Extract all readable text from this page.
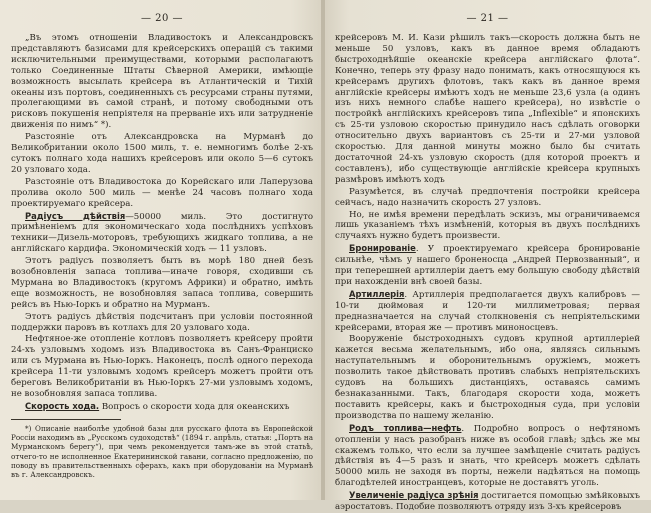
— 20 —

„Въ этомъ отношеніи Владивостокъ и Александровскъ представляютъ базисами для крейсерскихъ операцій съ такими исключительными преимуществами, которыми располагаютъ только Соединенные Штаты Сѣверной Америки, имѣющіе возможность высылать крейсера въ Атлантическій и Тихій океаны изъ портовъ, соединенныхъ съ ресурсами страны путями, пролегающими въ самой странѣ, и потому свободными отъ рисковъ покушенія непріятеля на прерваніе ихъ или затрудненіе движенія по нимъ“ *).

Разстояніе отъ Александровска на Мурманѣ до Великобритании около 1500 миль, т. е. немногимъ болѣе 2-хъ сутокъ полнаго хода нашихъ крейсеровъ или около 5—6 сутокъ 20 узловаго хода.

Разстояніе отъ Владивостока до Корейскаго или Лаперузова пролива около 500 миль — менѣе 24 часовъ полнаго хода проектируемаго крейсера.

Радіусъ дѣйствія—50000 миль. Это достигнуто примѣненіемъ для экономическаго хода послѣднихъ успѣховъ техники—Дизель-моторовъ, требующихъ жидкаго топлива, а не англійскаго кардифа. Экономическій ходъ — 11 узловъ.

Этотъ радіусъ позволяетъ быть въ морѣ 180 дней безъ возобновленія запаса топлива—иначе говоря, сходивши съ Мурмана во Владивостокъ (кругомъ Африки) и обратно, имѣть еще возможность, не возобновляя запаса топлива, совершить рейсъ въ Нью-Іоркъ и обратно на Мурманъ.

Этотъ радіусъ дѣйствія подсчитанъ при условіи постоянной поддержки паровъ въ котлахъ для 20 узловаго хода.

Нефтяное-же отопленіе котловъ позволяетъ крейсеру пройти 24-хъ узловымъ ходомъ изъ Владивостока въ Санъ-Франциско или съ Мурмана въ Нью-Іоркъ. Наконецъ, послѣ одного перехода крейсера 11-ти узловымъ ходомъ крейсеръ можетъ пройти отъ береговъ Великобританіи въ Нью-Іоркъ 27-ми узловымъ ходомъ, не возобновляя запаса топлива.

Скорость хода. Вопросъ о скорости хода для океанскихъ

*) Описаніе наиболѣе удобной базы для русскаго флота въ Европейской Россіи находимъ въ „Русскомъ судоходствѣ“ (1894 г. апрѣль, статья: „Портъ на Мурманскомъ берегу“), при чемъ рекомендуется тамъ-же въ этой статьѣ, отчего-то не исполненное Екатерининской гавани, согласно предложенію, по поводу въ правительственныхъ сферахъ, какъ при оборудованіи на Мурманѣ въ г. Александровскъ.

— 21 —

крейсеровъ М. И. Кази рѣшилъ такъ—скорость должна быть не меньше 50 узловъ, какъ въ данное время обладаютъ быстроходнѣйшіе океанскіе крейсера англійскаго флота“. Конечно, теперь эту фразу надо понимать, какъ относящуюся къ крейсерамъ другихъ флотовъ, такъ какъ въ данное время англійскіе крейсеры имѣютъ ходъ не меньше 23,6 узла (а одинъ изъ нихъ немного слабѣе нашего крейсера), но извѣстіе о постройкѣ англійскихъ крейсеровъ типа „Inflexible“ и японскихъ съ 25-ти узловою скоростью принудило насъ сдѣлать оговорки относительно двухъ вариантовъ съ 25-ти и 27-ми узловой скоростью. Для данной минуты можно было бы считать достаточной 24-хъ узловую скорость (для которой проектъ и составленъ), ибо существующіе англійскіе крейсера крупныхъ размѣровъ имѣютъ ходъ

Разумѣется, въ случаѣ предпочтенія постройки крейсера сейчасъ, надо назначить скорость 27 узловъ.

Но, не имѣя времени передѣлать эскизъ, мы ограничиваемся лишь указаніемъ тѣхъ измѣненій, которыя въ двухъ послѣднихъ случаяхъ нужно будетъ произвести.

Бронированіе. У проектируемаго крейсера бронированіе сильнѣе, чѣмъ у нашего броненосца „Андрей Первозванный“, и при теперешней артиллеріи даетъ ему большую свободу дѣйствій при нахожденіи внѣ своей базы.

Артиллерія. Артиллерія предполагается двухъ калибровъ — 10-ти дюймовая и 120-ти миллиметровая; первая предназначается на случай столкновенія съ непріятельскими крейсерами, вторая же — противъ миноносцевъ.

Вооруженіе быстроходныхъ судовъ крупной артиллеріей кажется весьма желательнымъ, ибо она, являясь сильнымъ наступательнымъ и оборонительнымъ оружіемъ, можетъ позволить такое дѣйствовать противъ слабыхъ непріятельскихъ судовъ на большихъ дистанціяхъ, оставаясь самимъ безнаказанными. Такъ, благодаря скорости хода, можетъ поставить крейсеры, какъ и быстроходныя суда, при условіи производства по нашему желанію.

Родъ топлива—нефть. Подробно вопросъ о нефтяномъ отопленіи у насъ разобранъ ниже въ особой главѣ; здѣсь же мы скажемъ только, что если за лучшее замѣщеніе считать радіусъ дѣйствія въ 4—5 разъ и знать, что крейсеръ можетъ сдѣлать 50000 миль не заходя въ порты, нежели надѣяться на помощь благодѣтелей иностранцевъ, которые не доставятъ уголь.

Увеличеніе радіуса зрѣнія достигается помощью змѣйковыхъ аэростатовъ. Подобие позволяютъ отряду изъ 3-хъ крейсеровъ
